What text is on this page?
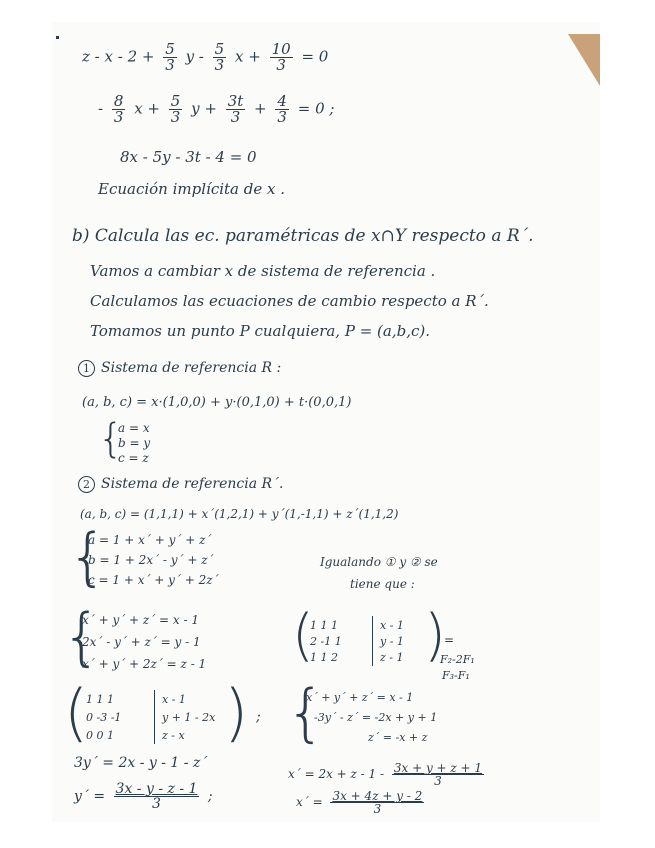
$z - x - 2 + \frac{5}{3}$ y - $\frac{5}{3}$ $x + \frac{10}{3} = 0$
- $\frac{8}{3}$ $x + \frac{5}{3}$ $y + \frac{3t}{3} + \frac{4}{3} = 0$ ;
8x - 5y - 3t - 4 = 0
Ecuación implícita de x .
b) Calcula las ec. paramétricas de x∩Y respecto a R´.
Vamos a cambiar x de sistema de referencia .
Calculamos las ecuaciones de cambio respecto a R´.
Tomamos un punto P cualquiera, P = (a,b,c).
1 Sistema de referencia R :
(a, b, c) = x·(1,0,0) + y·(0,1,0) + t·(0,0,1)
{
a = x
b = y
c = z
2 Sistema de referencia R´.
(a, b, c) = (1,1,1) + x´(1,2,1) + y´(1,-1,1) + z´(1,1,2)
{
a = 1 + x´ + y´ + z´
b = 1 + 2x´ - y´ + z´
c = 1 + x´ + y´ + 2z´
Igualando ① y ② se
tiene que :
{
x´ + y´ + z´ = x - 1
2x´ - y´ + z´ = y - 1
x´ + y´ + 2z´ = z - 1 (
1 1 1
2 -1 1
1 1 2
x - 1
y - 1
z - 1 )
=
F₂-2F₁
F₃-F₁
(
1 1 1
0 -3 -1
0 0 1
x - 1
y + 1 - 2x
z - x ) ; {
x´ + y´ + z´ = x - 1
-3y´ - z´ = -2x + y + 1
z´ = -x + z
3y´ = 2x - y - 1 - z´
y´ = $\frac{3x - y - z - 1}{3}$ ;
x´ = $2x + z - 1 - \frac{3x + y + z + 1}{3}$
x´ = $\frac{3x + 4z + y - 2}{3}$
